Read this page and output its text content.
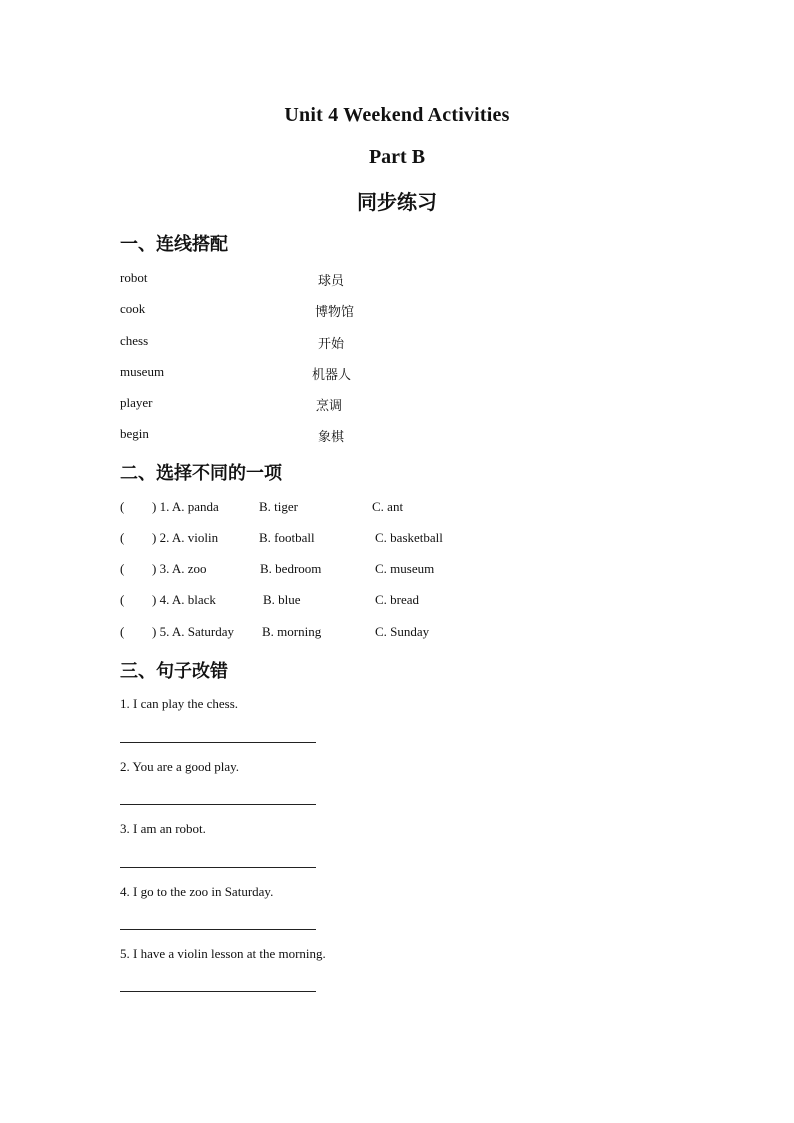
Unit 4 Weekend Activities
Part B
同步练习
一、连线搭配
robot	球员
cook	博物馆
chess	开始
museum	机器人
player	烹调
begin	象棋
二、选择不同的一项
( ) 1. A. panda	B. tiger	C. ant
( ) 2. A. violin	B. football	C. basketball
( ) 3. A. zoo	B. bedroom	C. museum
( ) 4. A. black	B. blue	C. bread
( ) 5. A. Saturday B. morning	C. Sunday
三、句子改错
1. I can play the chess.
2. You are a good play.
3. I am an robot.
4. I go to the zoo in Saturday.
5. I have a violin lesson at the morning.
